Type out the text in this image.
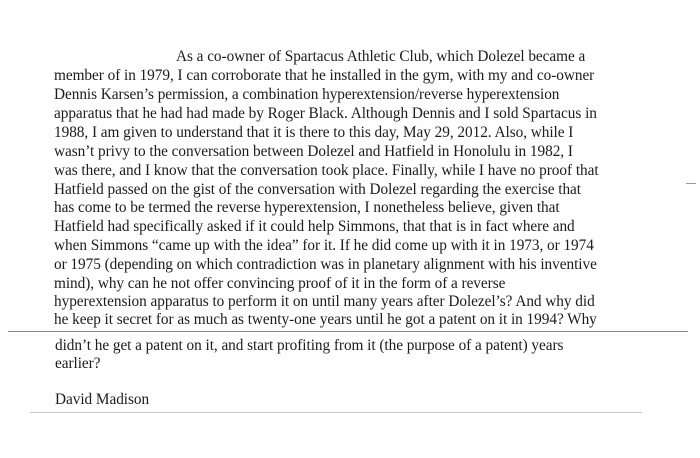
As a co-owner of Spartacus Athletic Club, which Dolezel became a
member of in 1979, I can corroborate that he installed in the gym, with my and co-owner
Dennis Karsen’s permission, a combination hyperextension/reverse hyperextension
apparatus that he had had made by Roger Black. Although Dennis and I sold Spartacus in
1988, I am given to understand that it is there to this day, May 29, 2012. Also, while I
wasn’t privy to the conversation between Dolezel and Hatfield in Honolulu in 1982, I
was there, and I know that the conversation took place. Finally, while I have no proof that
Hatfield passed on the gist of the conversation with Dolezel regarding the exercise that
has come to be termed the reverse hyperextension, I nonetheless believe, given that
Hatfield had specifically asked if it could help Simmons, that that is in fact where and
when Simmons “came up with the idea” for it. If he did come up with it in 1973, or 1974
or 1975 (depending on which contradiction was in planetary alignment with his inventive
mind), why can he not offer convincing proof of it in the form of a reverse
hyperextension apparatus to perform it on until many years after Dolezel’s? And why did
he keep it secret for as much as twenty-one years until he got a patent on it in 1994? Why
didn’t he get a patent on it, and start profiting from it (the purpose of a patent) years
earlier?
David Madison
